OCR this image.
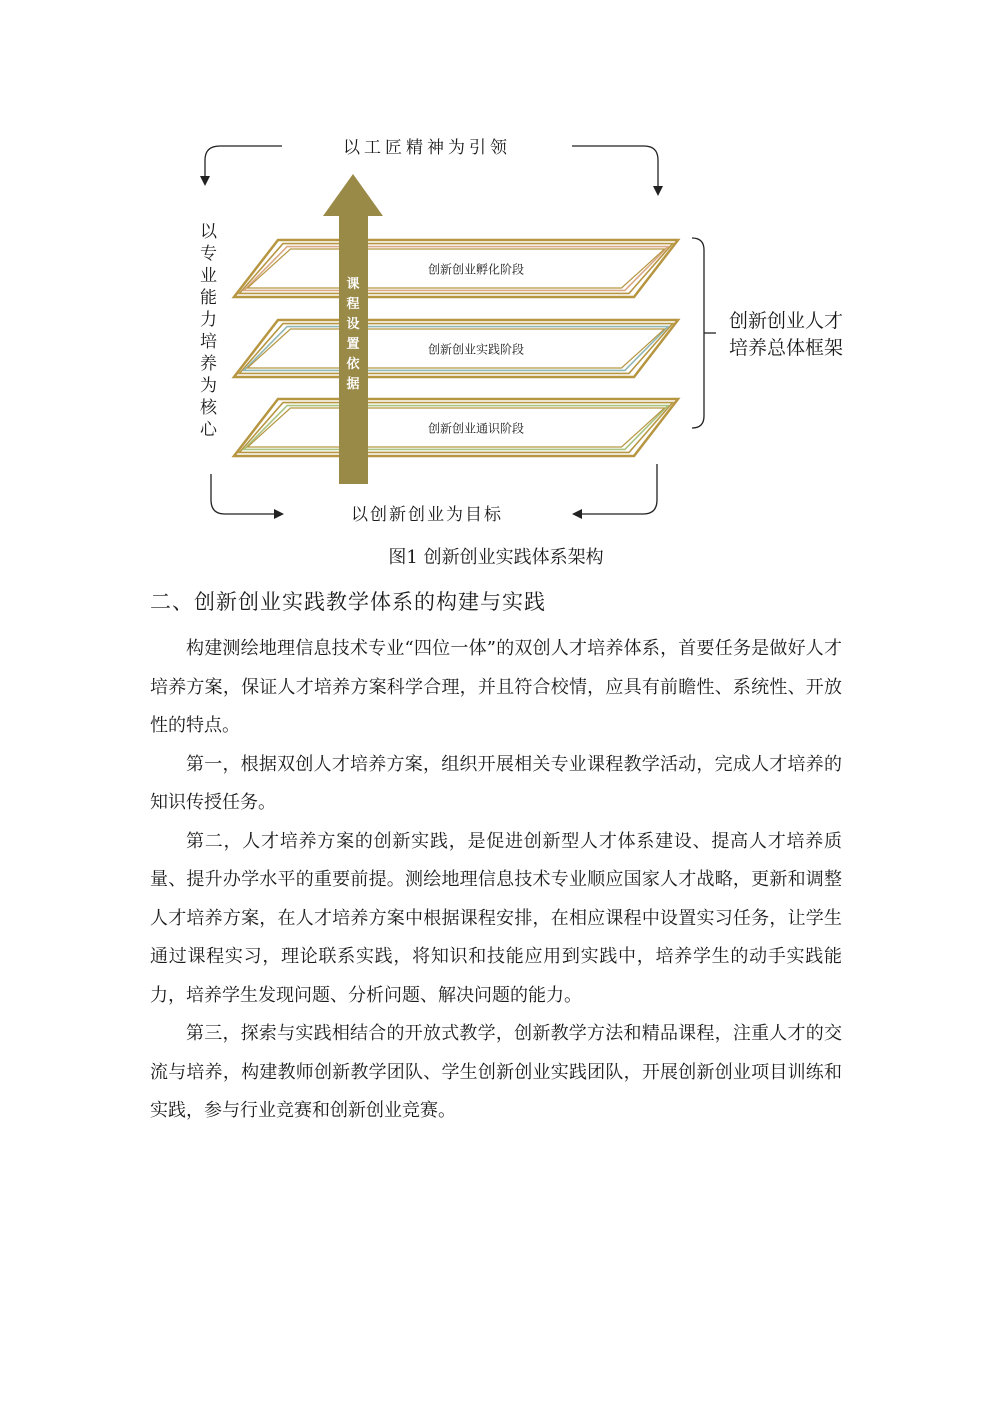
以工匠精神为引领
以创新创业为目标
以专业能力培养为核心	创新创业人才
培养总体框架
创新创业孵化阶段
创新创业实践阶段
创新创业通识阶段
课
程
设
置
依
据
图1 创新创业实践体系架构
二、创新创业实践教学体系的构建与实践

构建测绘地理信息技术专业“四位一体”的双创人才培养体系，首要任务是做好人才培养方案，保证人才培养方案科学合理，并且符合校情，应具有前瞻性、系统性、开放性的特点。

第一，根据双创人才培养方案，组织开展相关专业课程教学活动，完成人才培养的知识传授任务。

第二，人才培养方案的创新实践，是促进创新型人才体系建设、提高人才培养质量、提升办学水平的重要前提。测绘地理信息技术专业顺应国家人才战略，更新和调整人才培养方案，在人才培养方案中根据课程安排，在相应课程中设置实习任务，让学生通过课程实习，理论联系实践，将知识和技能应用到实践中，培养学生的动手实践能力，培养学生发现问题、分析问题、解决问题的能力。

第三，探索与实践相结合的开放式教学，创新教学方法和精品课程，注重人才的交流与培养，构建教师创新教学团队、学生创新创业实践团队，开展创新创业项目训练和实践，参与行业竞赛和创新创业竞赛。
